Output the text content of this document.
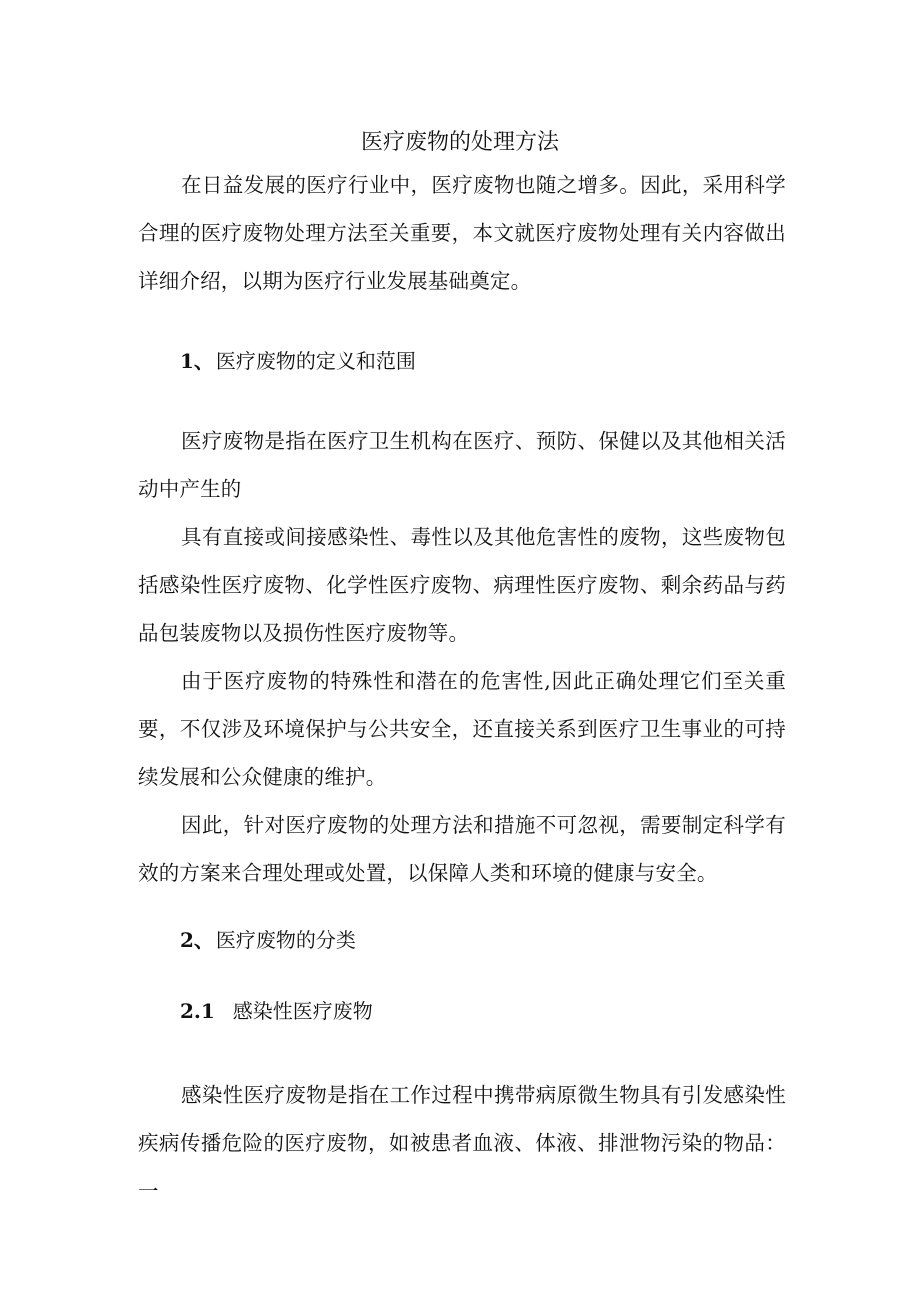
医疗废物的处理方法

在日益发展的医疗行业中，医疗废物也随之增多。因此，采用科学合理的医疗废物处理方法至关重要，本文就医疗废物处理有关内容做出详细介绍，以期为医疗行业发展基础奠定。

1、 医疗废物的定义和范围

医疗废物是指在医疗卫生机构在医疗、预防、保健以及其他相关活动中产生的

具有直接或间接感染性、毒性以及其他危害性的废物，这些废物包括感染性医疗废物、化学性医疗废物、病理性医疗废物、剩余药品与药品包装废物以及损伤性医疗废物等。

由于医疗废物的特殊性和潜在的危害性,因此正确处理它们至关重要，不仅涉及环境保护与公共安全，还直接关系到医疗卫生事业的可持续发展和公众健康的维护。

因此，针对医疗废物的处理方法和措施不可忽视，需要制定科学有效的方案来合理处理或处置，以保障人类和环境的健康与安全。

2、 医疗废物的分类
2.1 感染性医疗废物

感染性医疗废物是指在工作过程中携带病原微生物具有引发感染性疾病传播危险的医疗废物，如被患者血液、体液、排泄物污染的物品：一
